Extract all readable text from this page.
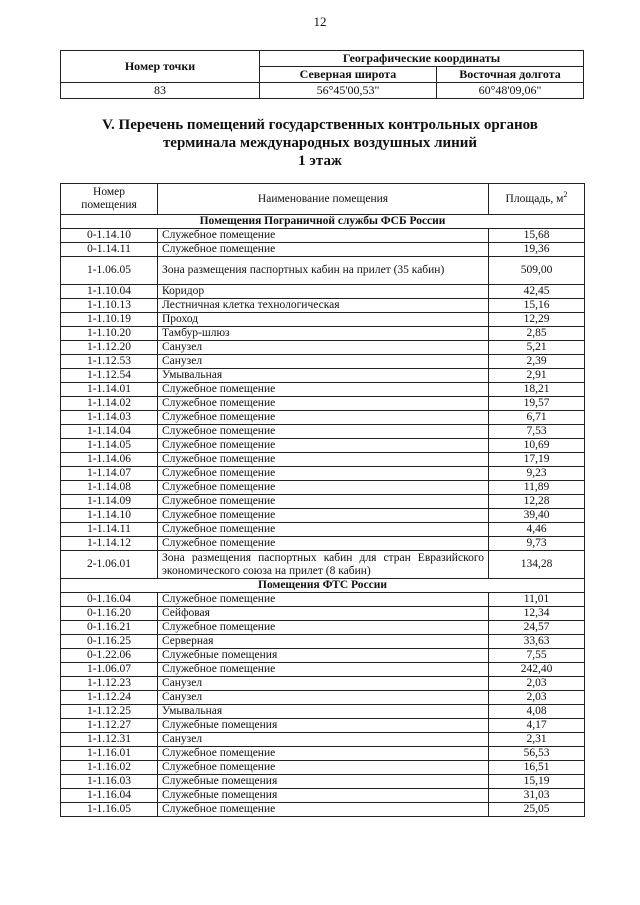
12
Номер точки	Географические координаты	
	Северная широта	Восточная долгота
83	56°45'00,53"	60°48'09,06"
V. Перечень помещений государственных контрольных органов
терминала международных воздушных линий
1 этаж
Номер помещения	Наименование помещения	Площадь, $м^2$
Помещения Пограничной службы ФСБ России		
0-1.14.10	Служебное помещение	15,68
0-1.14.11	Служебное помещение	19,36
1-1.06.05	Зона размещения паспортных кабин на прилет (35 кабин)	509,00
1-1.10.04	Коридор	42,45
1-1.10.13	Лестничная клетка технологическая	15,16
1-1.10.19	Проход	12,29
1-1.10.20	Тамбур-шлюз	2,85
1-1.12.20	Санузел	5,21
1-1.12.53	Санузел	2,39
1-1.12.54	Умывальная	2,91
1-1.14.01	Служебное помещение	18,21
1-1.14.02	Служебное помещение	19,57
1-1.14.03	Служебное помещение	6,71
1-1.14.04	Служебное помещение	7,53
1-1.14.05	Служебное помещение	10,69
1-1.14.06	Служебное помещение	17,19
1-1.14.07	Служебное помещение	9,23
1-1.14.08	Служебное помещение	11,89
1-1.14.09	Служебное помещение	12,28
1-1.14.10	Служебное помещение	39,40
1-1.14.11	Служебное помещение	4,46
1-1.14.12	Служебное помещение	9,73
2-1.06.01	Зона размещения паспортных кабин для стран Евразийского экономического союза на прилет (8 кабин)	134,28
Помещения ФТС России		
0-1.16.04	Служебное помещение	11,01
0-1.16.20	Сейфовая	12,34
0-1.16.21	Служебное помещение	24,57
0-1.16.25	Серверная	33,63
0-1.22.06	Служебные помещения	7,55
1-1.06.07	Служебное помещение	242,40
1-1.12.23	Санузел	2,03
1-1.12.24	Санузел	2,03
1-1.12.25	Умывальная	4,08
1-1.12.27	Служебные помещения	4,17
1-1.12.31	Санузел	2,31
1-1.16.01	Служебное помещение	56,53
1-1.16.02	Служебное помещение	16,51
1-1.16.03	Служебные помещения	15,19
1-1.16.04	Служебные помещения	31,03
1-1.16.05	Служебное помещение	25,05
